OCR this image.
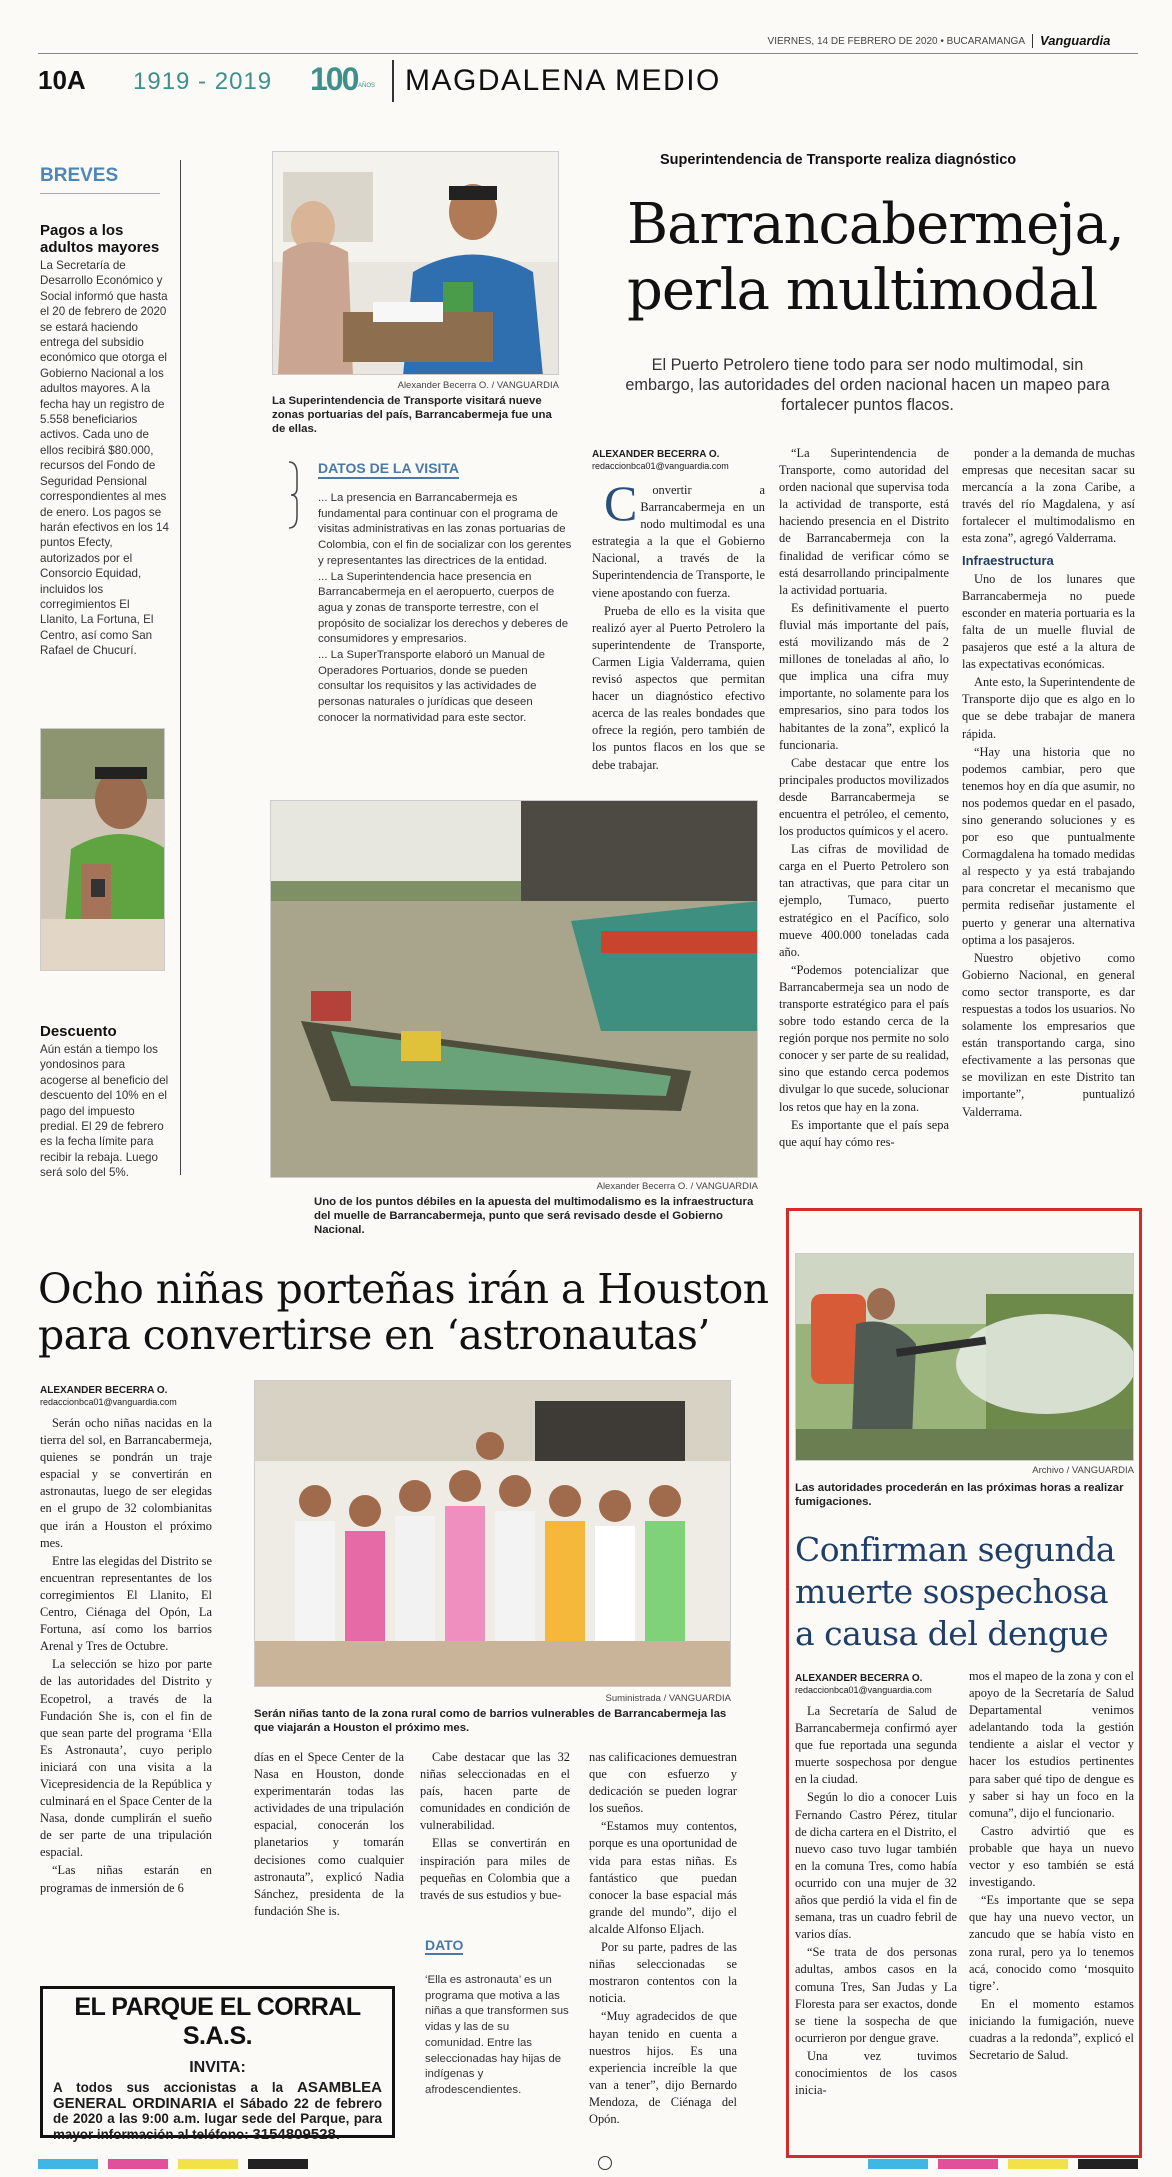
VIERNES, 14 DE FEBRERO DE 2020 • BUCARAMANGA Vanguardia
10A 1919 - 2019 100 AÑOS MAGDALENA MEDIO
BREVES
Pagos a los adultos mayores
La Secretaría de Desarrollo Económico y Social informó que hasta el 20 de febrero de 2020 se estará haciendo entrega del subsidio económico que otorga el Gobierno Nacional a los adultos mayores. A la fecha hay un registro de 5.558 beneficiarios activos. Cada uno de ellos recibirá $80.000, recursos del Fondo de Seguridad Pensional correspondientes al mes de enero. Los pagos se harán efectivos en los 14 puntos Efecty, autorizados por el Consorcio Equidad, incluidos los corregimientos El Llanito, La Fortuna, El Centro, así como San Rafael de Chucurí.
Descuento
Aún están a tiempo los yondosinos para acogerse al beneficio del descuento del 10% en el pago del impuesto predial. El 29 de febrero es la fecha límite para recibir la rebaja. Luego será solo del 5%.
Alexander Becerra O. / VANGUARDIA
La Superintendencia de Transporte visitará nueve zonas portuarias del país, Barrancabermeja fue una de ellas.
Superintendencia de Transporte realiza diagnóstico
Barrancabermeja,
perla multimodal
El Puerto Petrolero tiene todo para ser nodo multimodal, sin embargo, las autoridades del orden nacional hacen un mapeo para fortalecer puntos flacos.
DATOS DE LA VISITA

... La presencia en Barrancabermeja es fundamental para continuar con el programa de visitas administrativas en las zonas portuarias de Colombia, con el fin de socializar con los gerentes y representantes las directrices de la entidad.

... La Superintendencia hace presencia en Barrancabermeja en el aeropuerto, cuerpos de agua y zonas de transporte terrestre, con el propósito de socializar los derechos y deberes de consumidores y empresarios.

... La SuperTransporte elaboró un Manual de Operadores Portuarios, donde se pueden consultar los requisitos y las actividades de personas naturales o jurídicas que deseen conocer la normatividad para este sector.

ALEXANDER BECERRA O.
redaccionbca01@vanguardia.com

Convertir a Barrancabermeja en un nodo multimodal es una estrategia a la que el Gobierno Nacional, a través de la Superintendencia de Transporte, le viene apostando con fuerza.

Prueba de ello es la visita que realizó ayer al Puerto Petrolero la superintendente de Transporte, Carmen Ligia Valderrama, quien revisó aspectos que permitan hacer un diagnóstico efectivo acerca de las reales bondades que ofrece la región, pero también de los puntos flacos en los que se debe trabajar.

“La Superintendencia de Transporte, como autoridad del orden nacional que supervisa toda la actividad de transporte, está haciendo presencia en el Distrito de Barrancabermeja con la finalidad de verificar cómo se está desarrollando principalmente la actividad portuaria.

Es definitivamente el puerto fluvial más importante del país, está movilizando más de 2 millones de toneladas al año, lo que implica una cifra muy importante, no solamente para los empresarios, sino para todos los habitantes de la zona”, explicó la funcionaria.

Cabe destacar que entre los principales productos movilizados desde Barrancabermeja se encuentra el petróleo, el cemento, los productos químicos y el acero.

Las cifras de movilidad de carga en el Puerto Petrolero son tan atractivas, que para citar un ejemplo, Tumaco, puerto estratégico en el Pacífico, solo mueve 400.000 toneladas cada año.

“Podemos potencializar que Barrancabermeja sea un nodo de transporte estratégico para el país sobre todo estando cerca de la región porque nos permite no solo conocer y ser parte de su realidad, sino que estando cerca podemos divulgar lo que sucede, solucionar los retos que hay en la zona.

Es importante que el país sepa que aquí hay cómo res-

ponder a la demanda de muchas empresas que necesitan sacar su mercancía a la zona Caribe, a través del río Magdalena, y así fortalecer el multimodalismo en esta zona”, agregó Valderrama.

Infraestructura

Uno de los lunares que Barrancabermeja no puede esconder en materia portuaria es la falta de un muelle fluvial de pasajeros que esté a la altura de las expectativas económicas.

Ante esto, la Superintendente de Transporte dijo que es algo en lo que se debe trabajar de manera rápida.

“Hay una historia que no podemos cambiar, pero que tenemos hoy en día que asumir, no nos podemos quedar en el pasado, sino generando soluciones y es por eso que puntualmente Cormagdalena ha tomado medidas al respecto y ya está trabajando para concretar el mecanismo que permita rediseñar justamente el puerto y generar una alternativa optima a los pasajeros.

Nuestro objetivo como Gobierno Nacional, en general como sector transporte, es dar respuestas a todos los usuarios. No solamente los empresarios que están transportando carga, sino efectivamente a las personas que se movilizan en este Distrito tan importante”, puntualizó Valderrama.

Alexander Becerra O. / VANGUARDIA
Uno de los puntos débiles en la apuesta del multimodalismo es la infraestructura del muelle de Barrancabermeja, punto que será revisado desde el Gobierno Nacional.
Ocho niñas porteñas irán a Houston
para convertirse en ‘astronautas’
ALEXANDER BECERRA O.
redaccionbca01@vanguardia.com

Serán ocho niñas nacidas en la tierra del sol, en Barrancabermeja, quienes se pondrán un traje espacial y se convertirán en astronautas, luego de ser elegidas en el grupo de 32 colombianitas que irán a Houston el próximo mes.

Entre las elegidas del Distrito se encuentran representantes de los corregimientos El Llanito, El Centro, Ciénaga del Opón, La Fortuna, así como los barrios Arenal y Tres de Octubre.

La selección se hizo por parte de las autoridades del Distrito y Ecopetrol, a través de la Fundación She is, con el fin de que sean parte del programa ‘Ella Es Astronauta’, cuyo periplo iniciará con una visita a la Vicepresidencia de la República y culminará en el Space Center de la Nasa, donde cumplirán el sueño de ser parte de una tripulación espacial.

“Las niñas estarán en programas de inmersión de 6

Suministrada / VANGUARDIA
Serán niñas tanto de la zona rural como de barrios vulnerables de Barrancabermeja las que viajarán a Houston el próximo mes.

días en el Spece Center de la Nasa en Houston, donde experimentarán todas las actividades de una tripulación espacial, conocerán los planetarios y tomarán decisiones como cualquier astronauta”, explicó Nadia Sánchez, presidenta de la fundación She is.

Cabe destacar que las 32 niñas seleccionadas en el país, hacen parte de comunidades en condición de vulnerabilidad.

Ellas se convertirán en inspiración para miles de pequeñas en Colombia que a través de sus estudios y bue-

DATO
‘Ella es astronauta’ es un programa que motiva a las niñas a que transformen sus vidas y las de su comunidad. Entre las seleccionadas hay hijas de indígenas y afrodescendientes.

nas calificaciones demuestran que con esfuerzo y dedicación se pueden lograr los sueños.

“Estamos muy contentos, porque es una oportunidad de vida para estas niñas. Es fantástico que puedan conocer la base espacial más grande del mundo”, dijo el alcalde Alfonso Eljach.

Por su parte, padres de las niñas seleccionadas se mostraron contentos con la noticia.

“Muy agradecidos de que hayan tenido en cuenta a nuestros hijos. Es una experiencia increíble la que van a tener”, dijo Bernardo Mendoza, de Ciénaga del Opón.

EL PARQUE EL CORRAL S.A.S.
INVITA:
A todos sus accionistas a la ASAMBLEA GENERAL ORDINARIA el Sábado 22 de febrero de 2020 a las 9:00 a.m. lugar sede del Parque, para mayor información al teléfono: 3154809528.
Archivo / VANGUARDIA
Las autoridades procederán en las próximas horas a realizar fumigaciones.
Confirman segunda
muerte sospechosa
a causa del dengue
ALEXANDER BECERRA O.
redaccionbca01@vanguardia.com

La Secretaría de Salud de Barrancabermeja confirmó ayer que fue reportada una segunda muerte sospechosa por dengue en la ciudad.

Según lo dio a conocer Luis Fernando Castro Pérez, titular de dicha cartera en el Distrito, el nuevo caso tuvo lugar también en la comuna Tres, como había ocurrido con una mujer de 32 años que perdió la vida el fin de semana, tras un cuadro febril de varios días.

“Se trata de dos personas adultas, ambos casos en la comuna Tres, San Judas y La Floresta para ser exactos, donde se tiene la sospecha de que ocurrieron por dengue grave.

Una vez tuvimos conocimientos de los casos inicia-

mos el mapeo de la zona y con el apoyo de la Secretaría de Salud Departamental venimos adelantando toda la gestión tendiente a aislar el vector y hacer los estudios pertinentes para saber qué tipo de dengue es y saber si hay un foco en la comuna”, dijo el funcionario.

Castro advirtió que es probable que haya un nuevo vector y eso también se está investigando.

“Es importante que se sepa que hay una nuevo vector, un zancudo que se había visto en zona rural, pero ya lo tenemos acá, conocido como ‘mosquito tigre’.

En el momento estamos iniciando la fumigación, nueve cuadras a la redonda”, explicó el Secretario de Salud.
